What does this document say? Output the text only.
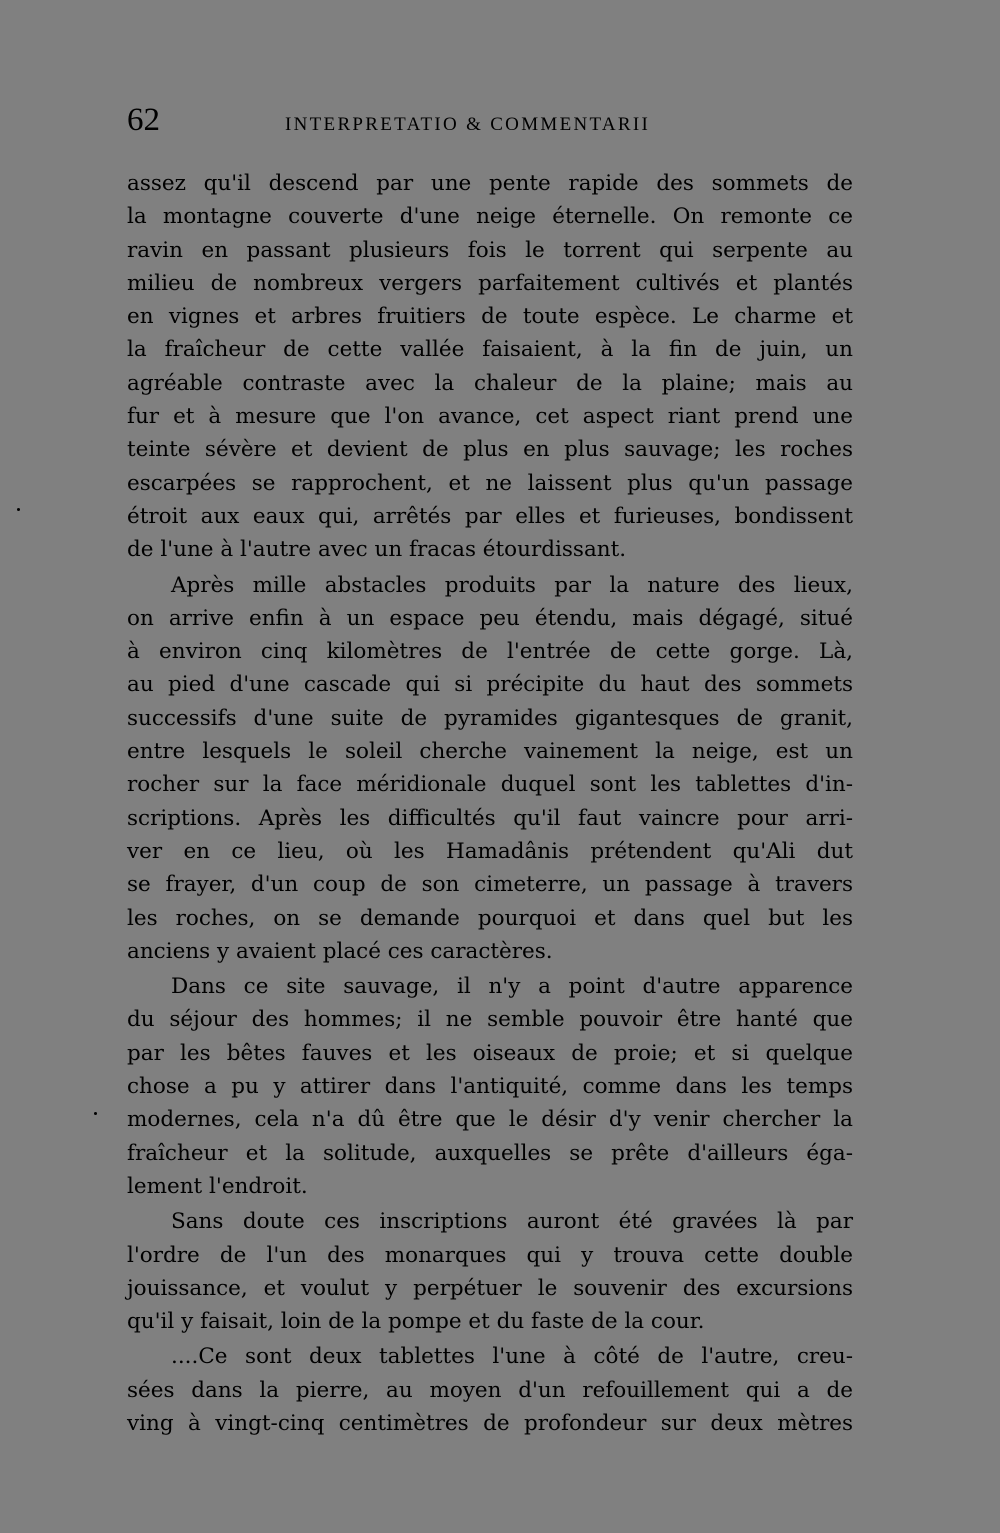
62	INTERPRETATIO & COMMENTARII
assez qu'il descend par une pente rapide des sommets de
la montagne couverte d'une neige éternelle. On remonte ce
ravin en passant plusieurs fois le torrent qui serpente au
milieu de nombreux vergers parfaitement cultivés et plantés
en vignes et arbres fruitiers de toute espèce. Le charme et
la fraîcheur de cette vallée faisaient, à la fin de juin, un
agréable contraste avec la chaleur de la plaine; mais au
fur et à mesure que l'on avance, cet aspect riant prend une
teinte sévère et devient de plus en plus sauvage; les roches
escarpées se rapprochent, et ne laissent plus qu'un passage
étroit aux eaux qui, arrêtés par elles et furieuses, bondissent
de l'une à l'autre avec un fracas étourdissant.
Après mille abstacles produits par la nature des lieux,
on arrive enfin à un espace peu étendu, mais dégagé, situé
à environ cinq kilomètres de l'entrée de cette gorge. Là,
au pied d'une cascade qui si précipite du haut des sommets
successifs d'une suite de pyramides gigantesques de granit,
entre lesquels le soleil cherche vainement la neige, est un
rocher sur la face méridionale duquel sont les tablettes d'in-
scriptions. Après les difficultés qu'il faut vaincre pour arri-
ver en ce lieu, où les Hamadânis prétendent qu'Ali dut
se frayer, d'un coup de son cimeterre, un passage à travers
les roches, on se demande pourquoi et dans quel but les
anciens y avaient placé ces caractères.
Dans ce site sauvage, il n'y a point d'autre apparence
du séjour des hommes; il ne semble pouvoir être hanté que
par les bêtes fauves et les oiseaux de proie; et si quelque
chose a pu y attirer dans l'antiquité, comme dans les temps
modernes, cela n'a dû être que le désir d'y venir chercher la
fraîcheur et la solitude, auxquelles se prête d'ailleurs éga-
lement l'endroit.
Sans doute ces inscriptions auront été gravées là par
l'ordre de l'un des monarques qui y trouva cette double
jouissance, et voulut y perpétuer le souvenir des excursions
qu'il y faisait, loin de la pompe et du faste de la cour.
....Ce sont deux tablettes l'une à côté de l'autre, creu-
sées dans la pierre, au moyen d'un refouillement qui a de
ving à vingt-cinq centimètres de profondeur sur deux mètres
